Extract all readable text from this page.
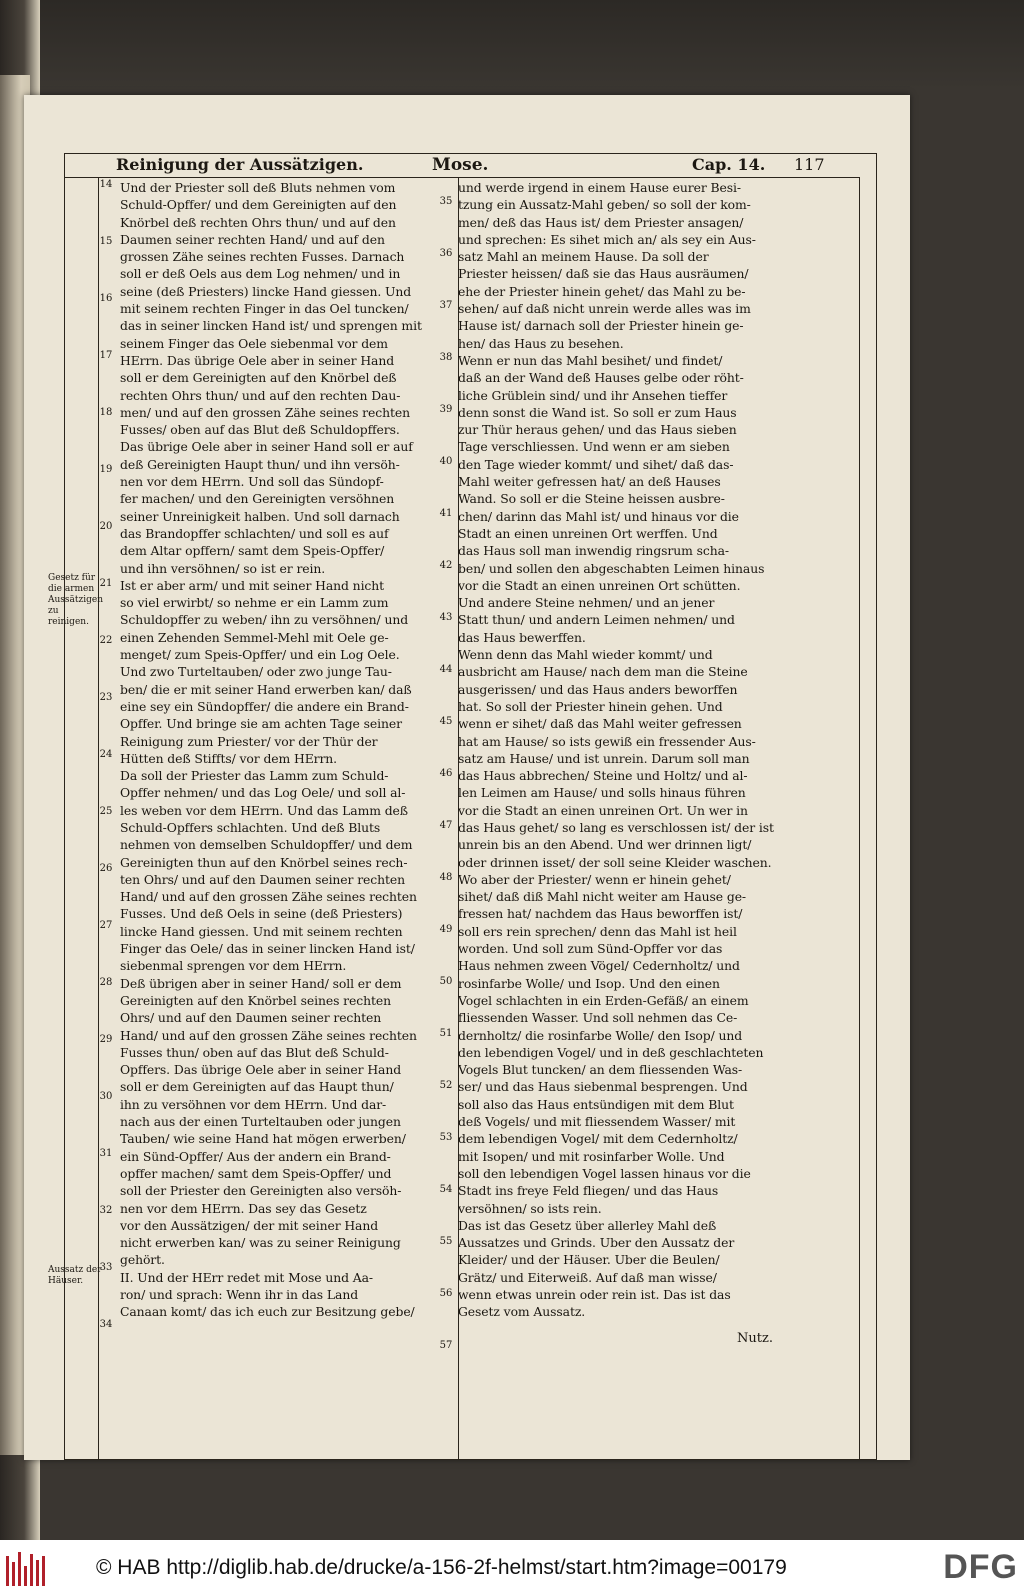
Reinigung der Aussätzigen.	Mose.	Cap. 14. 117
Gesetz für die armen Aussätzigen zu reinigen.
Aussatz der Häuser.
14
15
16
17
18
19
20
21
22
23
24
25
26
27
28
29
30
31
32
33
34
35
36
37
38
39
40
41
42
43
44
45
46
47
48
49
50
51
52
53
54
55
56
57
Und der Priester soll deß Bluts nehmen vom
Schuld-Opffer/ und dem Gereinigten auf den
Knörbel deß rechten Ohrs thun/ und auf den
Daumen seiner rechten Hand/ und auf den
grossen Zähe seines rechten Fusses. Darnach
soll er deß Oels aus dem Log nehmen/ und in
seine (deß Priesters) lincke Hand giessen. Und
mit seinem rechten Finger in das Oel tuncken/
das in seiner lincken Hand ist/ und sprengen mit
seinem Finger das Oele siebenmal vor dem
HErrn. Das übrige Oele aber in seiner Hand
soll er dem Gereinigten auf den Knörbel deß
rechten Ohrs thun/ und auf den rechten Dau-
men/ und auf den grossen Zähe seines rechten
Fusses/ oben auf das Blut deß Schuldopffers.
Das übrige Oele aber in seiner Hand soll er auf
deß Gereinigten Haupt thun/ und ihn versöh-
nen vor dem HErrn. Und soll das Sündopf-
fer machen/ und den Gereinigten versöhnen
seiner Unreinigkeit halben. Und soll darnach
das Brandopffer schlachten/ und soll es auf
dem Altar opffern/ samt dem Speis-Opffer/
und ihn versöhnen/ so ist er rein.
Ist er aber arm/ und mit seiner Hand nicht
so viel erwirbt/ so nehme er ein Lamm zum
Schuldopffer zu weben/ ihn zu versöhnen/ und
einen Zehenden Semmel-Mehl mit Oele ge-
menget/ zum Speis-Opffer/ und ein Log Oele.
Und zwo Turteltauben/ oder zwo junge Tau-
ben/ die er mit seiner Hand erwerben kan/ daß
eine sey ein Sündopffer/ die andere ein Brand-
Opffer. Und bringe sie am achten Tage seiner
Reinigung zum Priester/ vor der Thür der
Hütten deß Stiffts/ vor dem HErrn.
Da soll der Priester das Lamm zum Schuld-
Opffer nehmen/ und das Log Oele/ und soll al-
les weben vor dem HErrn. Und das Lamm deß
Schuld-Opffers schlachten. Und deß Bluts
nehmen von demselben Schuldopffer/ und dem
Gereinigten thun auf den Knörbel seines rech-
ten Ohrs/ und auf den Daumen seiner rechten
Hand/ und auf den grossen Zähe seines rechten
Fusses. Und deß Oels in seine (deß Priesters)
lincke Hand giessen. Und mit seinem rechten
Finger das Oele/ das in seiner lincken Hand ist/
siebenmal sprengen vor dem HErrn.
Deß übrigen aber in seiner Hand/ soll er dem
Gereinigten auf den Knörbel seines rechten
Ohrs/ und auf den Daumen seiner rechten
Hand/ und auf den grossen Zähe seines rechten
Fusses thun/ oben auf das Blut deß Schuld-
Opffers. Das übrige Oele aber in seiner Hand
soll er dem Gereinigten auf das Haupt thun/
ihn zu versöhnen vor dem HErrn. Und dar-
nach aus der einen Turteltauben oder jungen
Tauben/ wie seine Hand hat mögen erwerben/
ein Sünd-Opffer/ Aus der andern ein Brand-
opffer machen/ samt dem Speis-Opffer/ und
soll der Priester den Gereinigten also versöh-
nen vor dem HErrn. Das sey das Gesetz
vor den Aussätzigen/ der mit seiner Hand
nicht erwerben kan/ was zu seiner Reinigung
gehört.
II. Und der HErr redet mit Mose und Aa-
ron/ und sprach: Wenn ihr in das Land
Canaan komt/ das ich euch zur Besitzung gebe/
und werde irgend in einem Hause eurer Besi-
tzung ein Aussatz-Mahl geben/ so soll der kom-
men/ deß das Haus ist/ dem Priester ansagen/
und sprechen: Es sihet mich an/ als sey ein Aus-
satz Mahl an meinem Hause. Da soll der
Priester heissen/ daß sie das Haus ausräumen/
ehe der Priester hinein gehet/ das Mahl zu be-
sehen/ auf daß nicht unrein werde alles was im
Hause ist/ darnach soll der Priester hinein ge-
hen/ das Haus zu besehen.
Wenn er nun das Mahl besihet/ und findet/
daß an der Wand deß Hauses gelbe oder röht-
liche Grüblein sind/ und ihr Ansehen tieffer
denn sonst die Wand ist. So soll er zum Haus
zur Thür heraus gehen/ und das Haus sieben
Tage verschliessen. Und wenn er am sieben
den Tage wieder kommt/ und sihet/ daß das-
Mahl weiter gefressen hat/ an deß Hauses
Wand. So soll er die Steine heissen ausbre-
chen/ darinn das Mahl ist/ und hinaus vor die
Stadt an einen unreinen Ort werffen. Und
das Haus soll man inwendig ringsrum scha-
ben/ und sollen den abgeschabten Leimen hinaus
vor die Stadt an einen unreinen Ort schütten.
Und andere Steine nehmen/ und an jener
Statt thun/ und andern Leimen nehmen/ und
das Haus bewerffen.
Wenn denn das Mahl wieder kommt/ und
ausbricht am Hause/ nach dem man die Steine
ausgerissen/ und das Haus anders beworffen
hat. So soll der Priester hinein gehen. Und
wenn er sihet/ daß das Mahl weiter gefressen
hat am Hause/ so ists gewiß ein fressender Aus-
satz am Hause/ und ist unrein. Darum soll man
das Haus abbrechen/ Steine und Holtz/ und al-
len Leimen am Hause/ und solls hinaus führen
vor die Stadt an einen unreinen Ort. Un wer in
das Haus gehet/ so lang es verschlossen ist/ der ist
unrein bis an den Abend. Und wer drinnen ligt/
oder drinnen isset/ der soll seine Kleider waschen.
Wo aber der Priester/ wenn er hinein gehet/
sihet/ daß diß Mahl nicht weiter am Hause ge-
fressen hat/ nachdem das Haus beworffen ist/
soll ers rein sprechen/ denn das Mahl ist heil
worden. Und soll zum Sünd-Opffer vor das
Haus nehmen zween Vögel/ Cedernholtz/ und
rosinfarbe Wolle/ und Isop. Und den einen
Vogel schlachten in ein Erden-Gefäß/ an einem
fliessenden Wasser. Und soll nehmen das Ce-
dernholtz/ die rosinfarbe Wolle/ den Isop/ und
den lebendigen Vogel/ und in deß geschlachteten
Vogels Blut tuncken/ an dem fliessenden Was-
ser/ und das Haus siebenmal besprengen. Und
soll also das Haus entsündigen mit dem Blut
deß Vogels/ und mit fliessendem Wasser/ mit
dem lebendigen Vogel/ mit dem Cedernholtz/
mit Isopen/ und mit rosinfarber Wolle. Und
soll den lebendigen Vogel lassen hinaus vor die
Stadt ins freye Feld fliegen/ und das Haus
versöhnen/ so ists rein.
Das ist das Gesetz über allerley Mahl deß
Aussatzes und Grinds. Uber den Aussatz der
Kleider/ und der Häuser. Uber die Beulen/
Grätz/ und Eiterweiß. Auf daß man wisse/
wenn etwas unrein oder rein ist. Das ist das
Gesetz vom Aussatz.
Nutz.
© HAB http://diglib.hab.de/drucke/a-156-2f-helmst/start.htm?image=00179	DFG
